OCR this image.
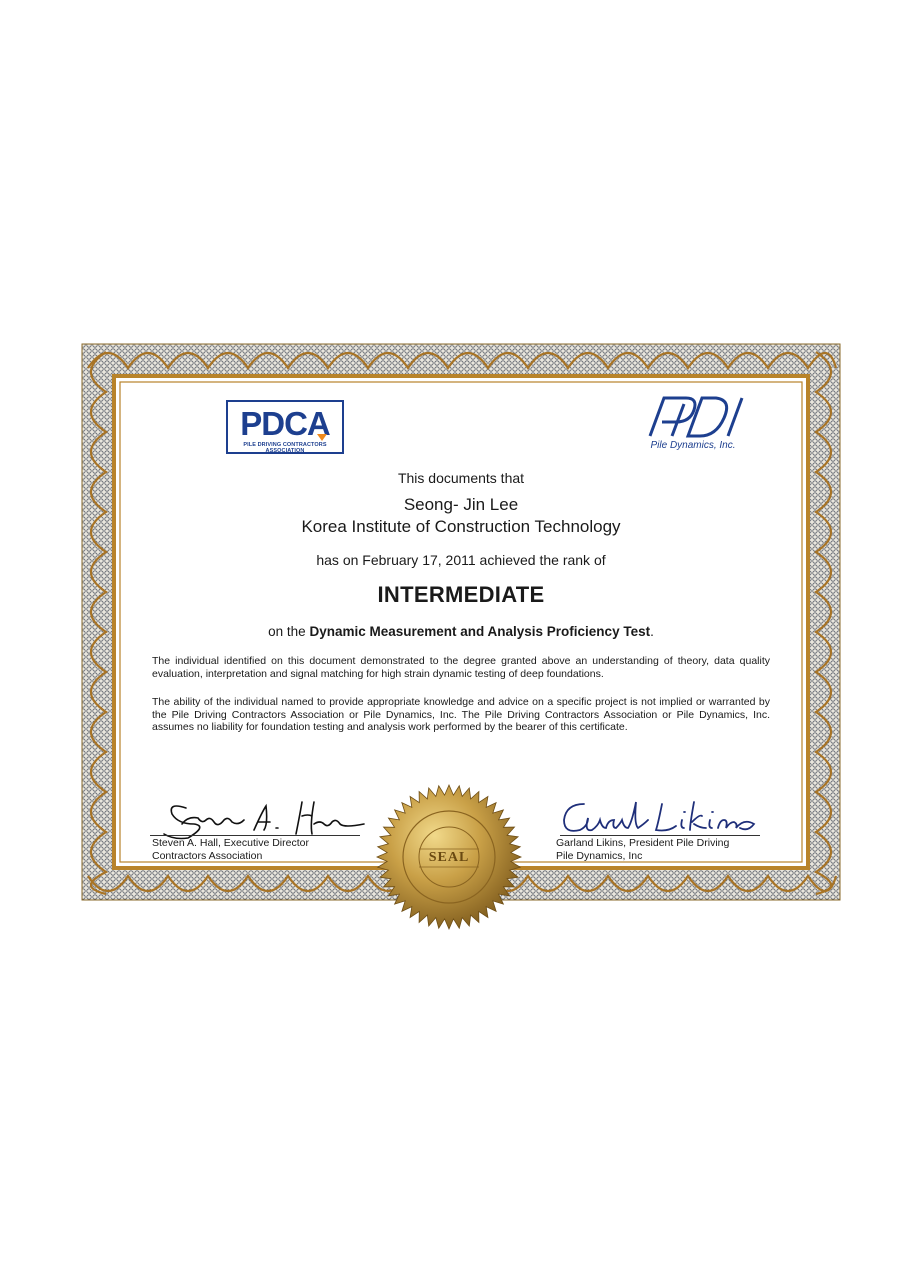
PDCA
PILE DRIVING CONTRACTORS ASSOCIATION	Pile Dynamics, Inc.
This documents that
Seong- Jin Lee
Korea Institute of Construction Technology
has on February 17, 2011 achieved the rank of
INTERMEDIATE
on the Dynamic Measurement and Analysis Proficiency Test.
The individual identified on this document demonstrated to the degree granted above an understanding of theory, data quality evaluation, interpretation and signal matching for high strain dynamic testing of deep foundations.
The ability of the individual named to provide appropriate knowledge and advice on a specific project is not implied or warranted by the Pile Driving Contractors Association or Pile Dynamics, Inc. The Pile Driving Contractors Association or Pile Dynamics, Inc. assumes no liability for foundation testing and analysis work performed by the bearer of this certificate.
Steven A. Hall, Executive Director
Contractors Association
Garland Likins, President Pile Driving
Pile Dynamics, Inc
SEAL
